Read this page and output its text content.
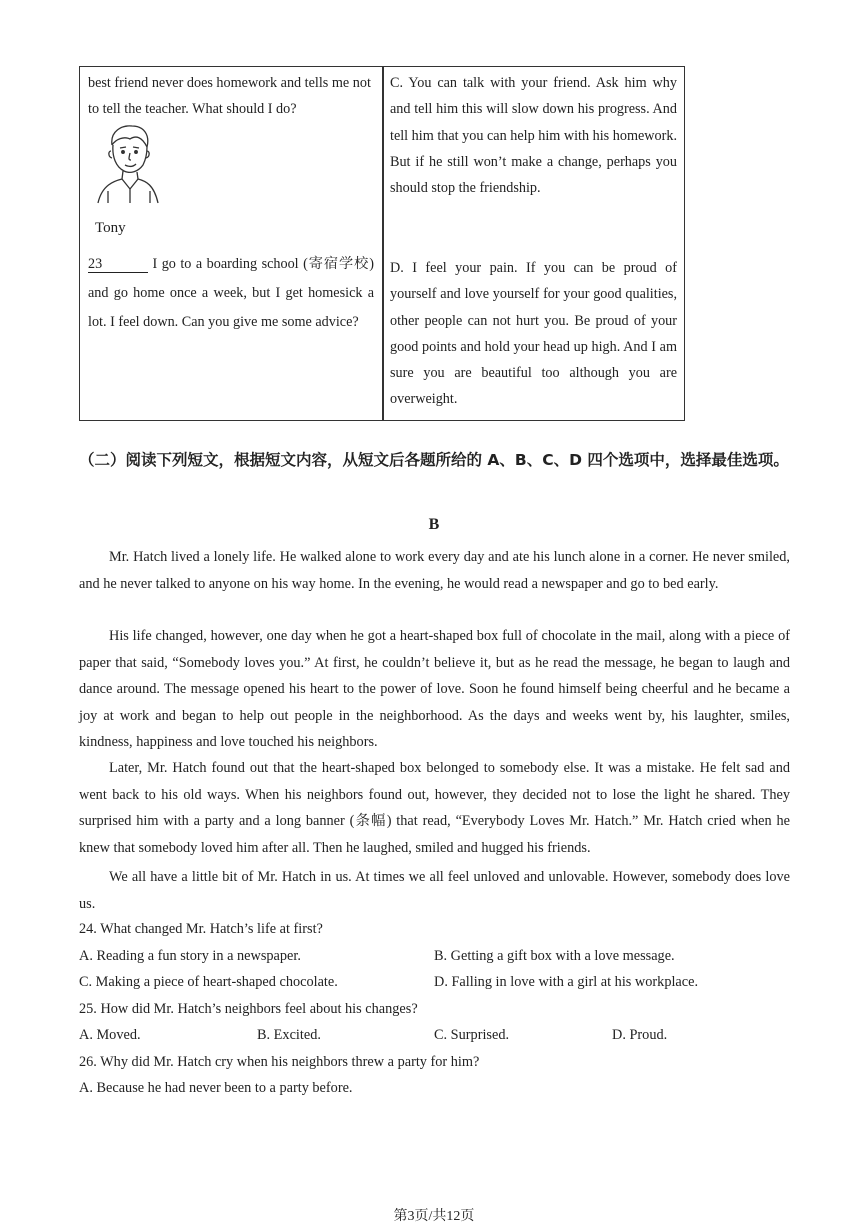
best friend never does homework and tells me not to tell the teacher. What should I do?
Tony
C. You can talk with your friend. Ask him why and tell him this will slow down his progress. And tell him that you can help him with his homework. But if he still won’t make a change, perhaps you should stop the friendship.
23	I go to a boarding school (寄宿学校) and go home once a week, but I get homesick a lot. I feel down. Can you give me some advice?
D. I feel your pain. If you can be proud of yourself and love yourself for your good qualities, other people can not hurt you. Be proud of your good points and hold your head up high. And I am sure you are beautiful too although you are overweight.
（二）阅读下列短文，根据短文内容，从短文后各题所给的 A、B、C、D 四个选项中，选择最佳选项。
B
Mr. Hatch lived a lonely life. He walked alone to work every day and ate his lunch alone in a corner. He never smiled, and he never talked to anyone on his way home. In the evening, he would read a newspaper and go to bed early.
His life changed, however, one day when he got a heart-shaped box full of chocolate in the mail, along with a piece of paper that said, “Somebody loves you.” At first, he couldn’t believe it, but as he read the message, he began to laugh and dance around. The message opened his heart to the power of love. Soon he found himself being cheerful and he became a joy at work and began to help out people in the neighborhood. As the days and weeks went by, his laughter, smiles, kindness, happiness and love touched his neighbors.
Later, Mr. Hatch found out that the heart-shaped box belonged to somebody else. It was a mistake. He felt sad and went back to his old ways. When his neighbors found out, however, they decided not to lose the light he shared. They surprised him with a party and a long banner (条幅) that read, “Everybody Loves Mr. Hatch.” Mr. Hatch cried when he knew that somebody loved him after all. Then he laughed, smiled and hugged his friends.
We all have a little bit of Mr. Hatch in us. At times we all feel unloved and unlovable. However, somebody does love us.
24. What changed Mr. Hatch’s life at first?
A. Reading a fun story in a newspaper.	B. Getting a gift box with a love message.
C. Making a piece of heart-shaped chocolate.	D. Falling in love with a girl at his workplace.
25. How did Mr. Hatch’s neighbors feel about his changes?
A. Moved.	B. Excited.	C. Surprised.	D. Proud.
26. Why did Mr. Hatch cry when his neighbors threw a party for him?
A. Because he had never been to a party before.
第3页/共12页
